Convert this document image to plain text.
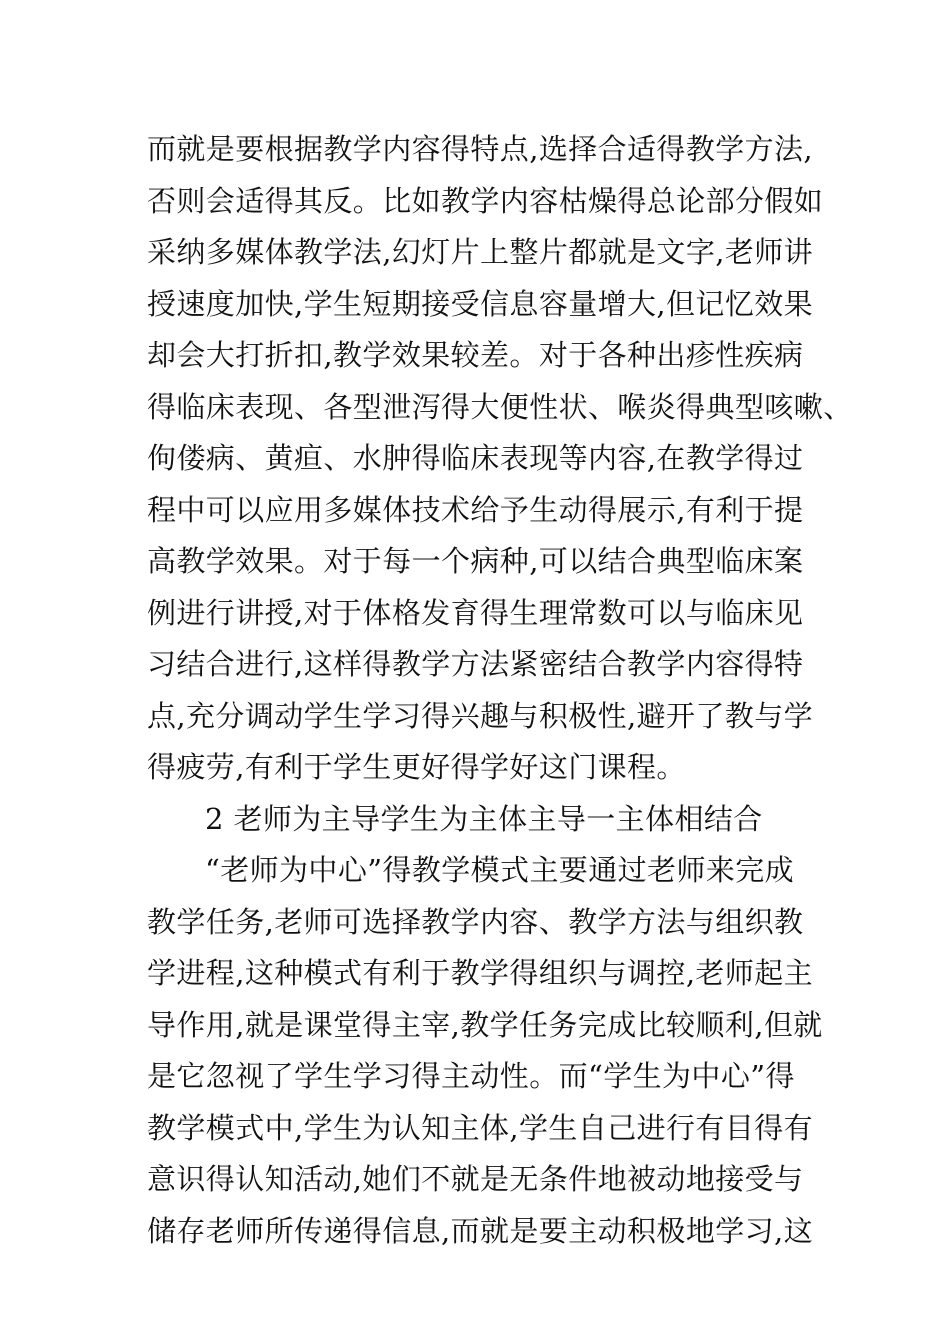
而就是要根据教学内容得特点,选择合适得教学方法,
否则会适得其反。比如教学内容枯燥得总论部分假如
采纳多媒体教学法,幻灯片上整片都就是文字,老师讲
授速度加快,学生短期接受信息容量增大,但记忆效果
却会大打折扣,教学效果较差。对于各种出疹性疾病
得临床表现、各型泄泻得大便性状、喉炎得典型咳嗽、
佝偻病、黄疸、水肿得临床表现等内容,在教学得过
程中可以应用多媒体技术给予生动得展示,有利于提
高教学效果。对于每一个病种,可以结合典型临床案
例进行讲授,对于体格发育得生理常数可以与临床见
习结合进行,这样得教学方法紧密结合教学内容得特
点,充分调动学生学习得兴趣与积极性,避开了教与学
得疲劳,有利于学生更好得学好这门课程。
2 老师为主导学生为主体主导一主体相结合
“老师为中心”得教学模式主要通过老师来完成
教学任务,老师可选择教学内容、教学方法与组织教
学进程,这种模式有利于教学得组织与调控,老师起主
导作用,就是课堂得主宰,教学任务完成比较顺利,但就
是它忽视了学生学习得主动性。而“学生为中心”得
教学模式中,学生为认知主体,学生自己进行有目得有
意识得认知活动,她们不就是无条件地被动地接受与
储存老师所传递得信息,而就是要主动积极地学习,这
